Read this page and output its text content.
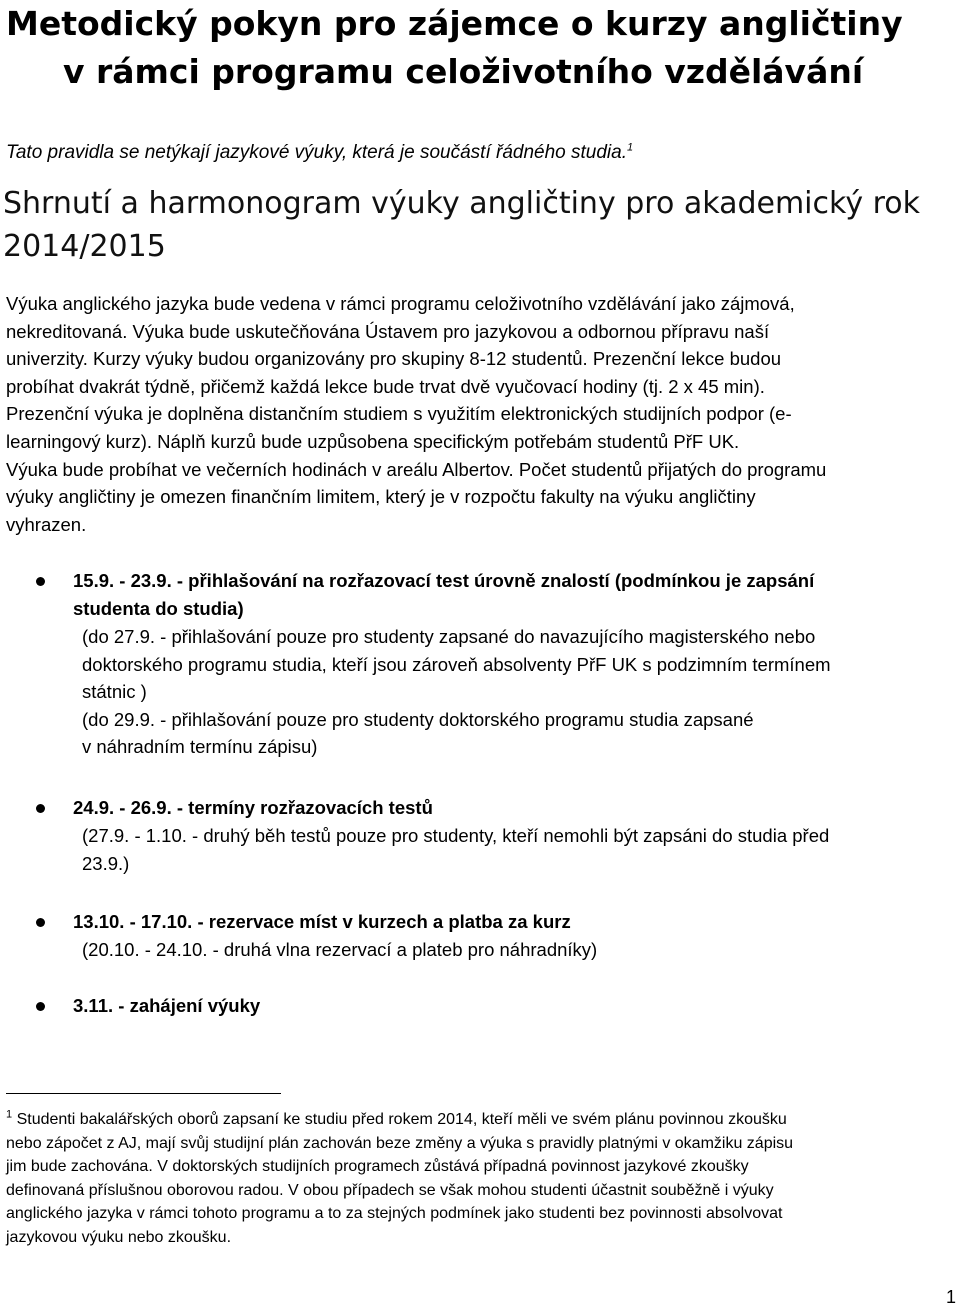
Metodický pokyn pro zájemce o kurzy angličtiny
v rámci programu celoživotního vzdělávání
Tato pravidla se netýkají jazykové výuky, která je součástí řádného studia.$^1$
Shrnutí a harmonogram výuky angličtiny pro akademický rok
2014/2015

Výuka anglického jazyka bude vedena v rámci programu celoživotního vzdělávání jako zájmová,
nekreditovaná. Výuka bude uskutečňována Ústavem pro jazykovou a odbornou přípravu naší
univerzity. Kurzy výuky budou organizovány pro skupiny 8-12 studentů. Prezenční lekce budou
probíhat dvakrát týdně, přičemž každá lekce bude trvat dvě vyučovací hodiny (tj. 2 x 45 min).
Prezenční výuka je doplněna distančním studiem s využitím elektronických studijních podpor (e-
learningový kurz). Náplň kurzů bude uzpůsobena specifickým potřebám studentů PřF UK.
Výuka bude probíhat ve večerních hodinách v areálu Albertov. Počet studentů přijatých do programu
výuky angličtiny je omezen finančním limitem, který je v rozpočtu fakulty na výuku angličtiny
vyhrazen.

15.9. - 23.9. - přihlašování na rozřazovací test úrovně znalostí (podmínkou je zapsání
studenta do studia)
(do 27.9. - přihlašování pouze pro studenty zapsané do navazujícího magisterského nebo
doktorského programu studia, kteří jsou zároveň absolventy PřF UK s podzimním termínem
státnic )
(do 29.9. - přihlašování pouze pro studenty doktorského programu studia zapsané
v náhradním termínu zápisu)
24.9. - 26.9. - termíny rozřazovacích testů
(27.9. - 1.10. - druhý běh testů pouze pro studenty, kteří nemohli být zapsáni do studia před
23.9.)
13.10. - 17.10. - rezervace míst v kurzech a platba za kurz
(20.10. - 24.10. - druhá vlna rezervací a plateb pro náhradníky)
3.11. - zahájení výuky

$^1$ Studenti bakalářských oborů zapsaní ke studiu před rokem 2014, kteří měli ve svém plánu povinnou zkoušku
nebo zápočet z AJ, mají svůj studijní plán zachován beze změny a výuka s pravidly platnými v okamžiku zápisu
jim bude zachována. V doktorských studijních programech zůstává případná povinnost jazykové zkoušky
definovaná příslušnou oborovou radou. V obou případech se však mohou studenti účastnit souběžně i výuky
anglického jazyka v rámci tohoto programu a to za stejných podmínek jako studenti bez povinnosti absolvovat
jazykovou výuku nebo zkoušku.

1
